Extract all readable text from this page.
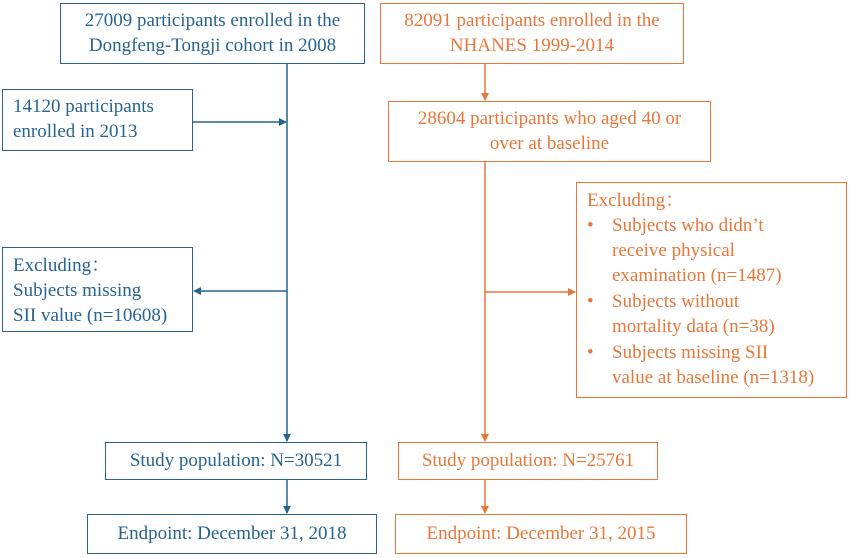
27009 participants enrolled in the
Dongfeng-Tongji cohort in 2008
14120 participants
enrolled in 2013
Excluding：
Subjects missing
SII value (n=10608)
Study population: N=30521
Endpoint: December 31, 2018
82091 participants enrolled in the
NHANES 1999-2014
28604 participants who aged 40 or
over at baseline
Excluding：
• Subjects who didn’t
receive physical
examination (n=1487)
• Subjects without
mortality data (n=38)
• Subjects missing SII
value at baseline (n=1318)
Study population: N=25761
Endpoint: December 31, 2015
